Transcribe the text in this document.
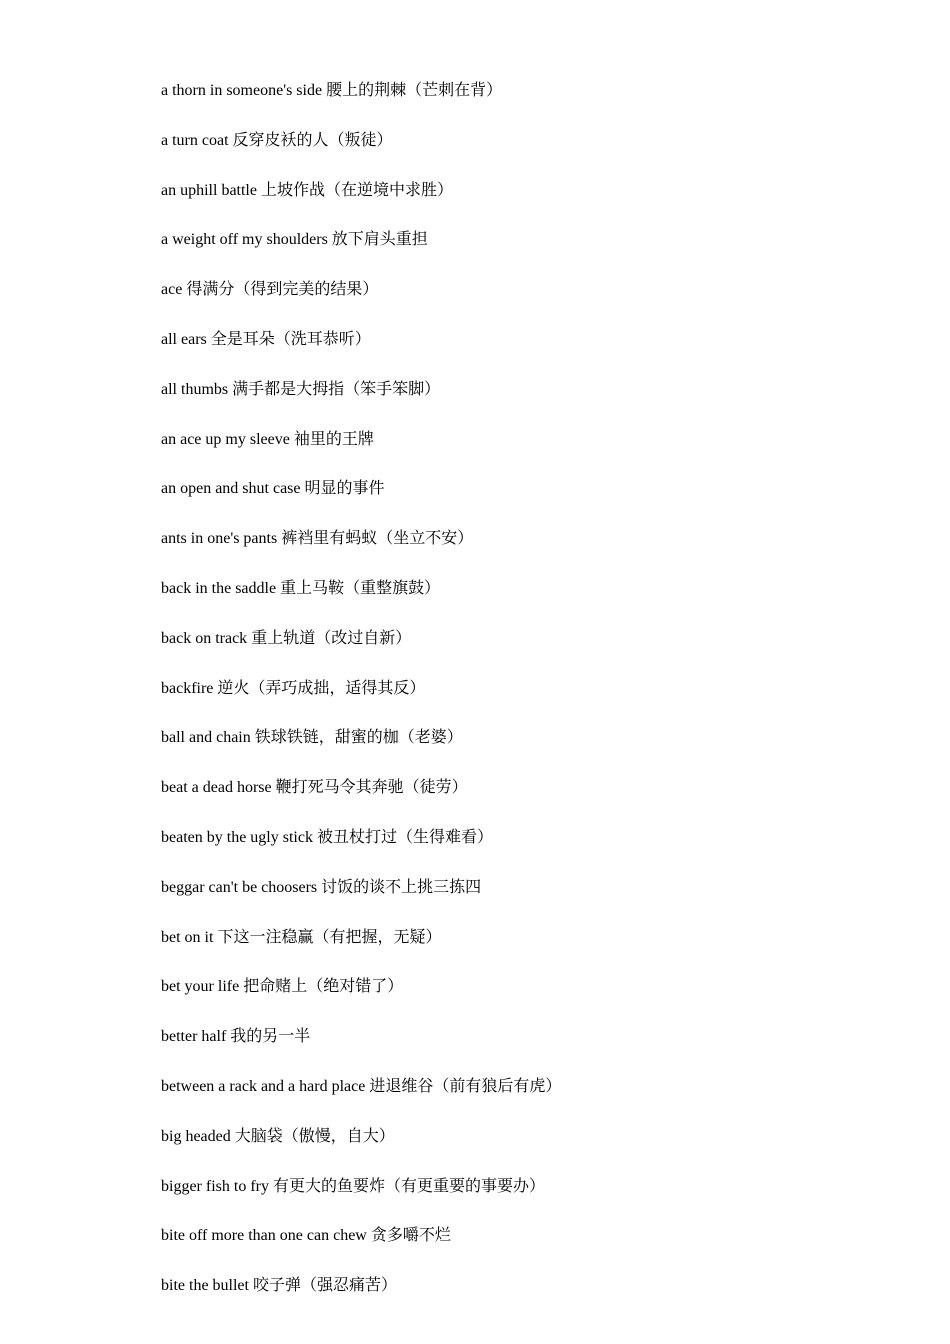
a thorn in someone's side 腰上的荆棘（芒刺在背）
a turn coat 反穿皮袄的人（叛徒）
an uphill battle 上坡作战（在逆境中求胜）
a weight off my shoulders 放下肩头重担
ace 得满分（得到完美的结果）
all ears 全是耳朵（洗耳恭听）
all thumbs 满手都是大拇指（笨手笨脚）
an ace up my sleeve 袖里的王牌
an open and shut case 明显的事件
ants in one's pants 裤裆里有蚂蚁（坐立不安）
back in the saddle 重上马鞍（重整旗鼓）
back on track 重上轨道（改过自新）
backfire 逆火（弄巧成拙，适得其反）
ball and chain 铁球铁链，甜蜜的枷（老婆）
beat a dead horse 鞭打死马令其奔驰（徒劳）
beaten by the ugly stick 被丑杖打过（生得难看）
beggar can't be choosers 讨饭的谈不上挑三拣四
bet on it 下这一注稳赢（有把握，无疑）
bet your life 把命赌上（绝对错了）
better half 我的另一半
between a rack and a hard place 进退维谷（前有狼后有虎）
big headed 大脑袋（傲慢，自大）
bigger fish to fry 有更大的鱼要炸（有更重要的事要办）
bite off more than one can chew 贪多嚼不烂
bite the bullet 咬子弹（强忍痛苦）
